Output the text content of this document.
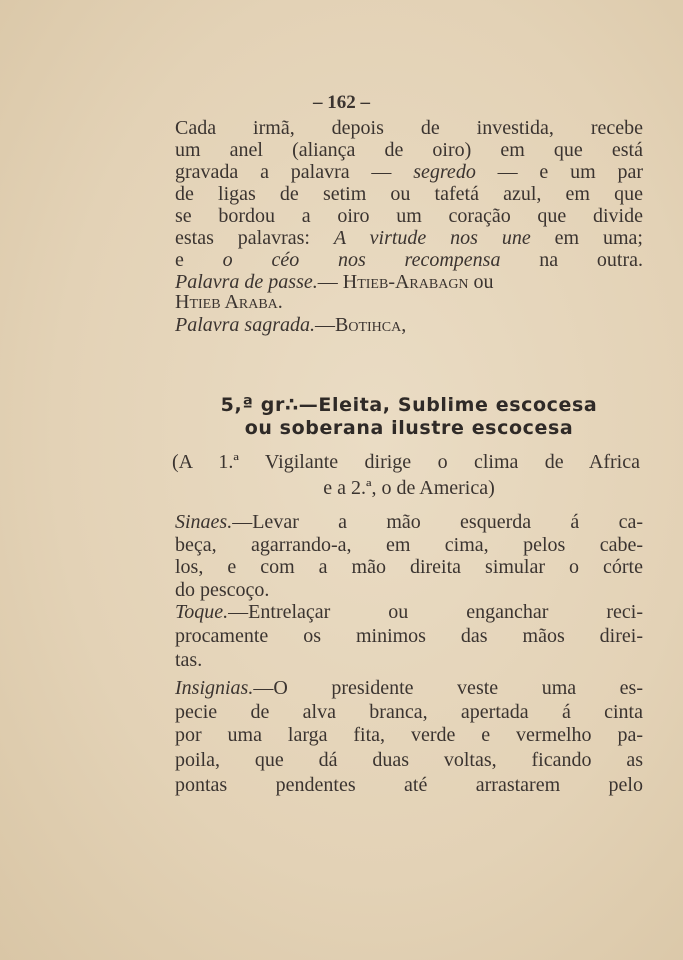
– 162 –
Cada irmã, depois de investida, recebe
um anel (aliança de oiro) em que está
gravada a palavra — segredo — e um par
de ligas de setim ou tafetá azul, em que
se bordou a oiro um coração que divide
estas palavras: A virtude nos une em uma;
e o céo nos recompensa na outra.
Palavra de passe.— Htieb-Arabagn ou
Htieb Araba.
Palavra sagrada.—Botihca,
5,ª gr∴—Eleita, Sublime escocesa
ou soberana ilustre escocesa
(A 1.ª Vigilante dirige o clima de Africa
e a 2.ª, o de America)
Sinaes.—Levar a mão esquerda á ca-
beça, agarrando-a, em cima, pelos cabe-
los, e com a mão direita simular o córte
do pescoço.
Toque.—Entrelaçar ou enganchar reci-
procamente os minimos das mãos direi-
tas.
Insignias.—O presidente veste uma es-
pecie de alva branca, apertada á cinta
por uma larga fita, verde e vermelho pa-
poila, que dá duas voltas, ficando as
pontas pendentes até arrastarem pelo
